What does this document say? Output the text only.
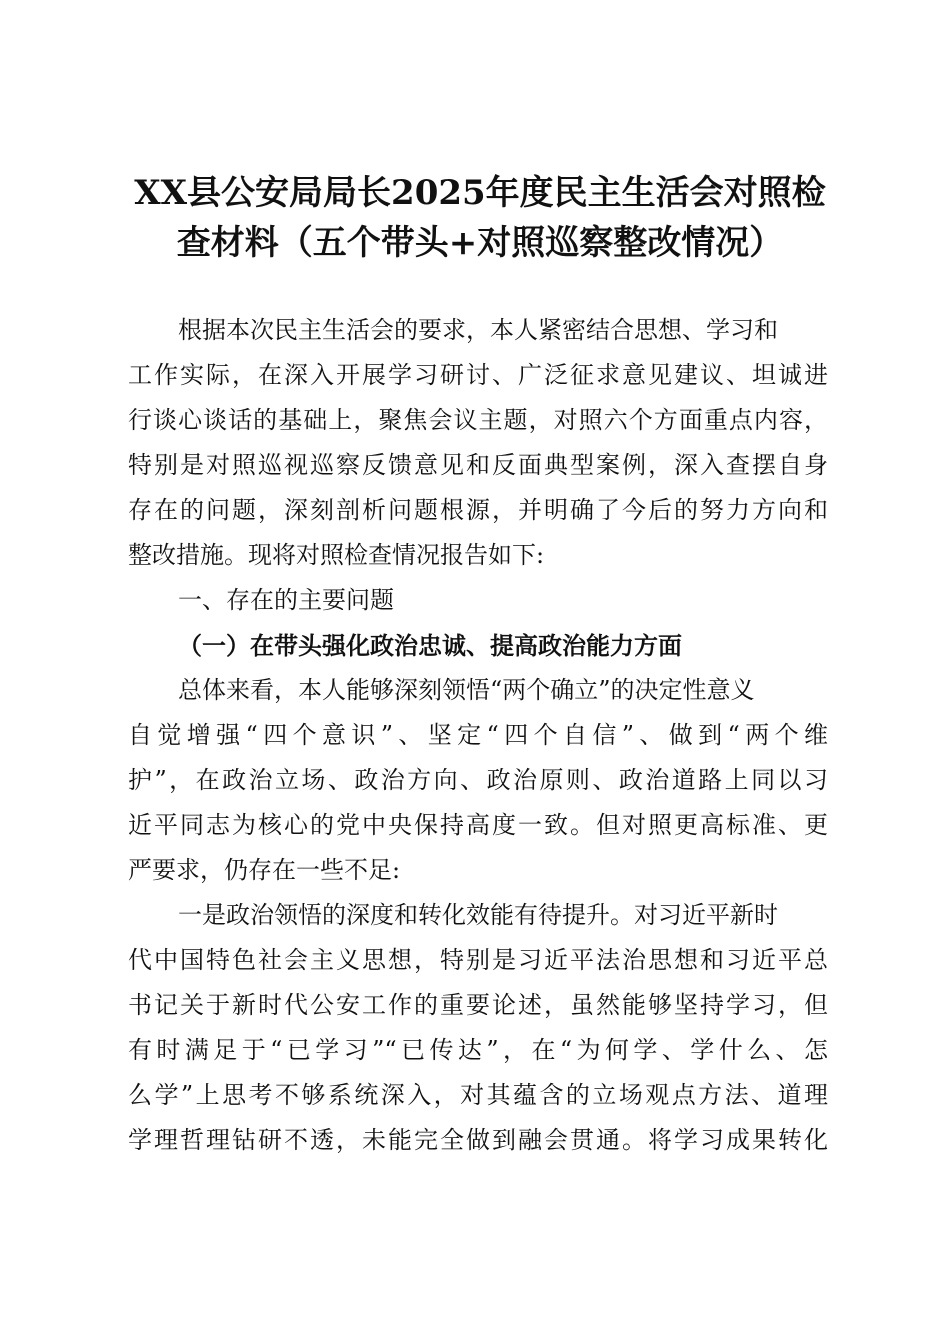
XX县公安局局长2025年度民主生活会对照检
查材料（五个带头+对照巡察整改情况）
根据本次民主生活会的要求，本人紧密结合思想、学习和
工作实际，在深入开展学习研讨、广泛征求意见建议、坦诚进
行谈心谈话的基础上，聚焦会议主题，对照六个方面重点内容，
特别是对照巡视巡察反馈意见和反面典型案例，深入查摆自身
存在的问题，深刻剖析问题根源，并明确了今后的努力方向和
整改措施。现将对照检查情况报告如下:
一、存在的主要问题
（一）在带头强化政治忠诚、提高政治能力方面
总体来看，本人能够深刻领悟“两个确立”的决定性意义
自觉增强“四个意识”、坚定“四个自信”、做到“两个维
护”，在政治立场、政治方向、政治原则、政治道路上同以习
近平同志为核心的党中央保持高度一致。但对照更高标准、更
严要求，仍存在一些不足:
一是政治领悟的深度和转化效能有待提升。对习近平新时
代中国特色社会主义思想，特别是习近平法治思想和习近平总
书记关于新时代公安工作的重要论述，虽然能够坚持学习，但
有时满足于“已学习”“已传达”，在“为何学、学什么、怎
么学”上思考不够系统深入，对其蕴含的立场观点方法、道理
学理哲理钻研不透，未能完全做到融会贯通。将学习成果转化
